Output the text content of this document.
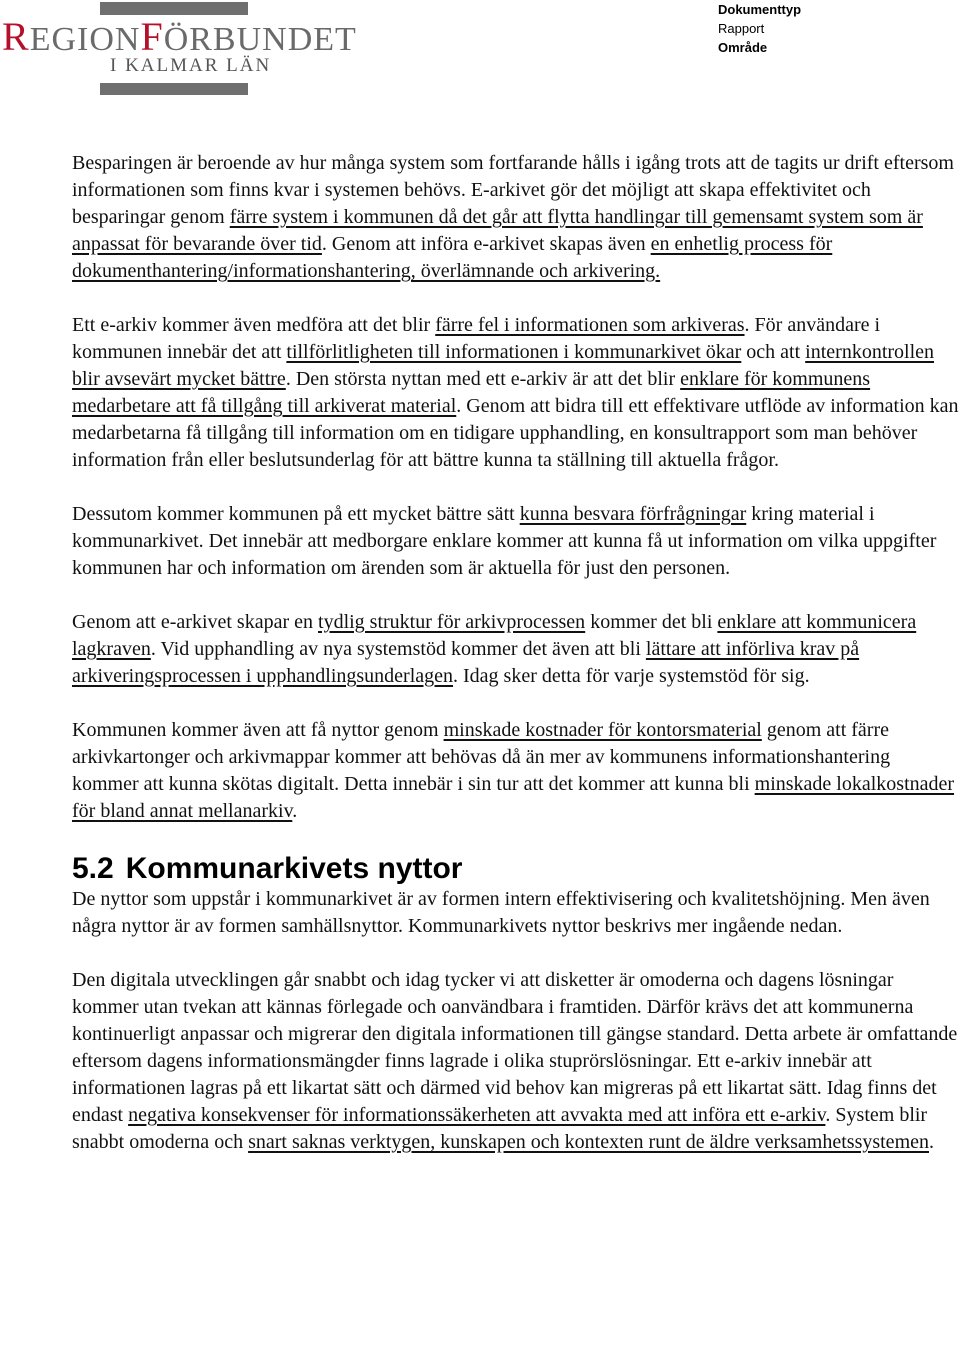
REGIONFÖRBUNDET
I KALMAR LÄN
Dokumenttyp
Rapport
Område

Besparingen är beroende av hur många system som fortfarande hålls i igång trots att de tagits ur drift eftersom informationen som finns kvar i systemen behövs. E-arkivet gör det möjligt att skapa effektivitet och besparingar genom färre system i kommunen då det går att flytta handlingar till gemensamt system som är anpassat för bevarande över tid. Genom att införa e-arkivet skapas även en enhetlig process för dokumenthantering/informationshantering, överlämnande och arkivering.

Ett e-arkiv kommer även medföra att det blir färre fel i informationen som arkiveras. För användare i kommunen innebär det att tillförlitligheten till informationen i kommunarkivet ökar och att internkontrollen blir avsevärt mycket bättre. Den största nyttan med ett e-arkiv är att det blir enklare för kommunens medarbetare att få tillgång till arkiverat material. Genom att bidra till ett effektivare utflöde av information kan medarbetarna få tillgång till information om en tidigare upphandling, en konsultrapport som man behöver information från eller beslutsunderlag för att bättre kunna ta ställning till aktuella frågor.

Dessutom kommer kommunen på ett mycket bättre sätt kunna besvara förfrågningar kring material i kommunarkivet. Det innebär att medborgare enklare kommer att kunna få ut information om vilka uppgifter kommunen har och information om ärenden som är aktuella för just den personen.

Genom att e-arkivet skapar en tydlig struktur för arkivprocessen kommer det bli enklare att kommunicera lagkraven. Vid upphandling av nya systemstöd kommer det även att bli lättare att införliva krav på arkiveringsprocessen i upphandlingsunderlagen. Idag sker detta för varje systemstöd för sig.

Kommunen kommer även att få nyttor genom minskade kostnader för kontorsmaterial genom att färre arkivkartonger och arkivmappar kommer att behövas då än mer av kommunens informationshantering kommer att kunna skötas digitalt. Detta innebär i sin tur att det kommer att kunna bli minskade lokalkostnader för bland annat mellanarkiv.

5.2 Kommunarkivets nyttor

De nyttor som uppstår i kommunarkivet är av formen intern effektivisering och kvalitetshöjning. Men även några nyttor är av formen samhällsnyttor. Kommunarkivets nyttor beskrivs mer ingående nedan.

Den digitala utvecklingen går snabbt och idag tycker vi att disketter är omoderna och dagens lösningar kommer utan tvekan att kännas förlegade och oanvändbara i framtiden. Därför krävs det att kommunerna kontinuerligt anpassar och migrerar den digitala informationen till gängse standard. Detta arbete är omfattande eftersom dagens informationsmängder finns lagrade i olika stuprörslösningar. Ett e-arkiv innebär att informationen lagras på ett likartat sätt och därmed vid behov kan migreras på ett likartat sätt. Idag finns det endast negativa konsekvenser för informationssäkerheten att avvakta med att införa ett e-arkiv. System blir snabbt omoderna och snart saknas verktygen, kunskapen och kontexten runt de äldre verksamhetssystemen.
